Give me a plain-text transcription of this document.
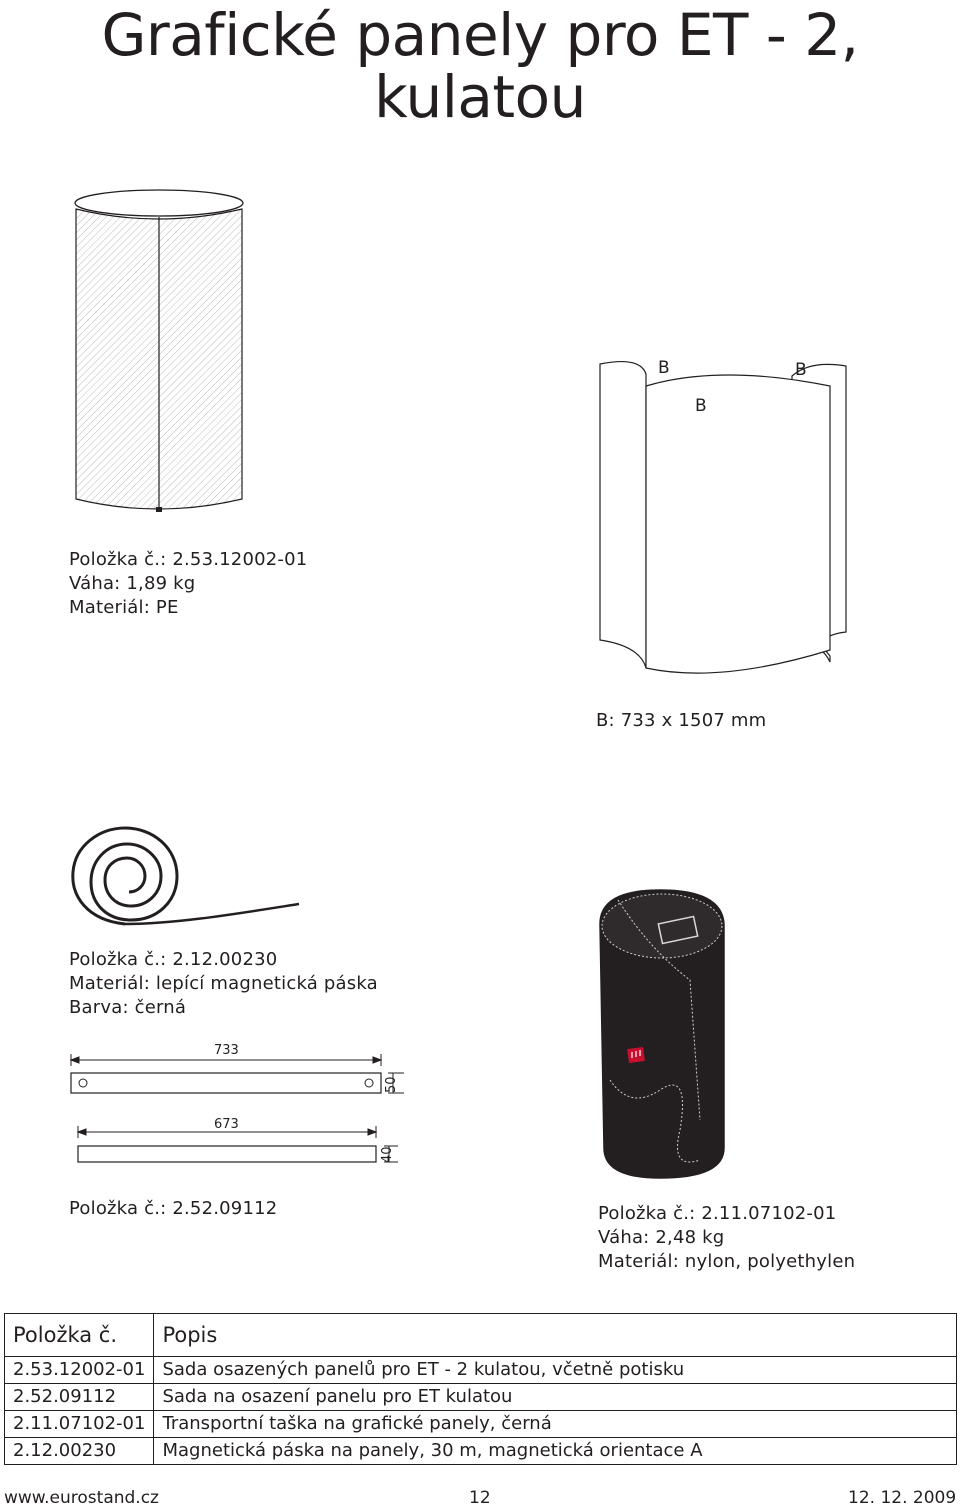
Grafické panely pro ET - 2,
kulatou
Položka č.: 2.53.12002-01
Váha: 1,89 kg
Materiál: PE
B
B
B
B: 733 x 1507 mm
Položka č.: 2.12.00230
Materiál: lepící magnetická páska
Barva: černá
733
50
673
40
Položka č.: 2.52.09112	Položka č.: 2.11.07102-01
Váha: 2,48 kg
Materiál: nylon, polyethylen
Položka č.	Popis
2.53.12002-01	Sada osazených panelů pro ET - 2 kulatou, včetně potisku
2.52.09112	Sada na osazení panelu pro ET kulatou
2.11.07102-01	Transportní taška na grafické panely, černá
2.12.00230	Magnetická páska na panely, 30 m, magnetická orientace A
www.eurostand.cz	12	12. 12. 2009
